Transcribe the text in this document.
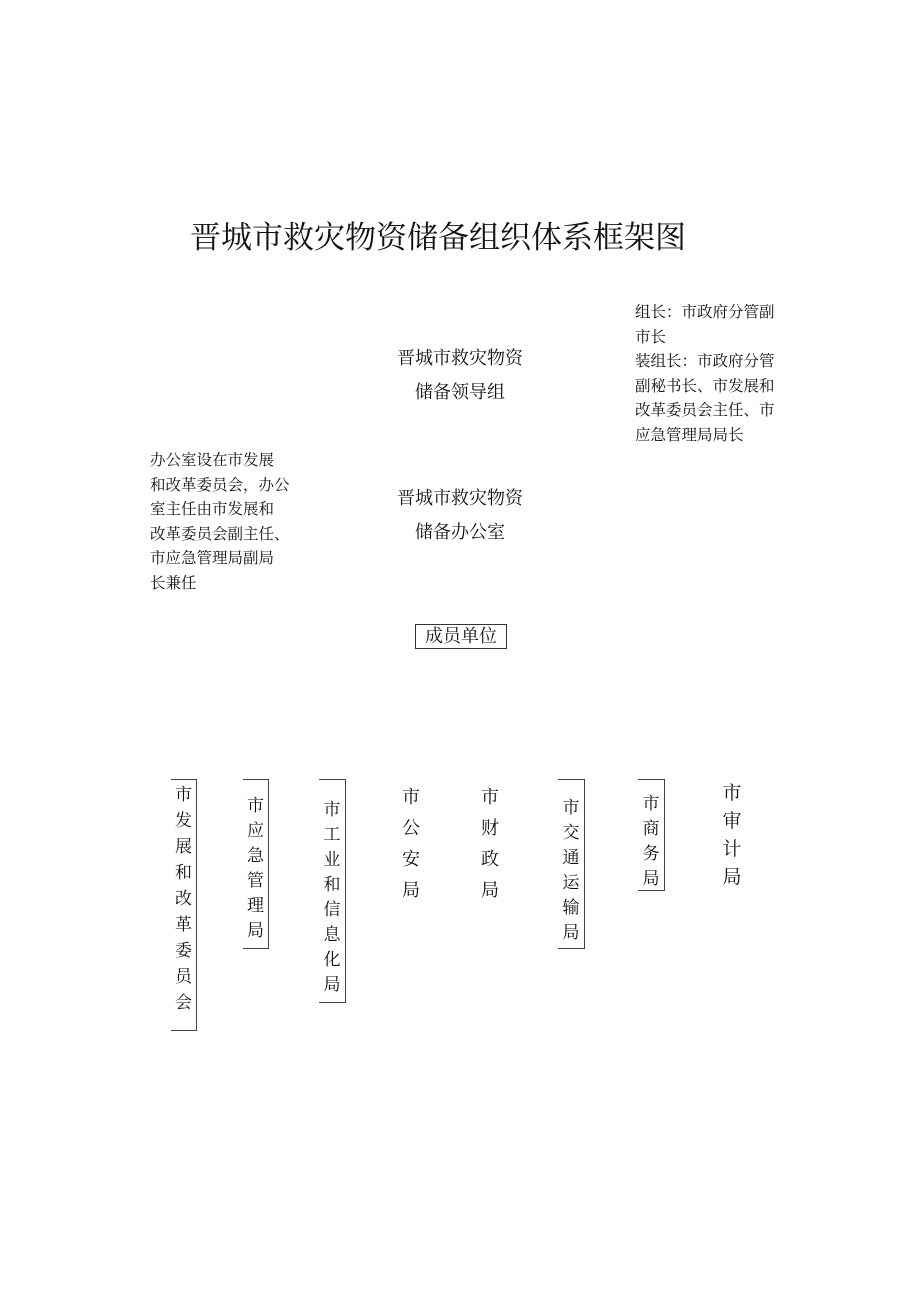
晋城市救灾物资储备组织体系框架图
晋城市救灾物资
储备领导组
晋城市救灾物资
储备办公室
组长：市政府分管副
市长
装组长：市政府分管
副秘书长、市发展和
改革委员会主任、市
应急管理局局长
办公室设在市发展
和改革委员会，办公
室主任由市发展和
改革委员会副主任、
市应急管理局副局
长兼任
成员单位
市
发
展
和
改
革
委
员
会
市
应
急
管
理
局
市
工
业
和
信
息
化
局
市
公
安
局
市
财
政
局
市
交
通
运
输
局
市
商
务
局
市
审
计
局
